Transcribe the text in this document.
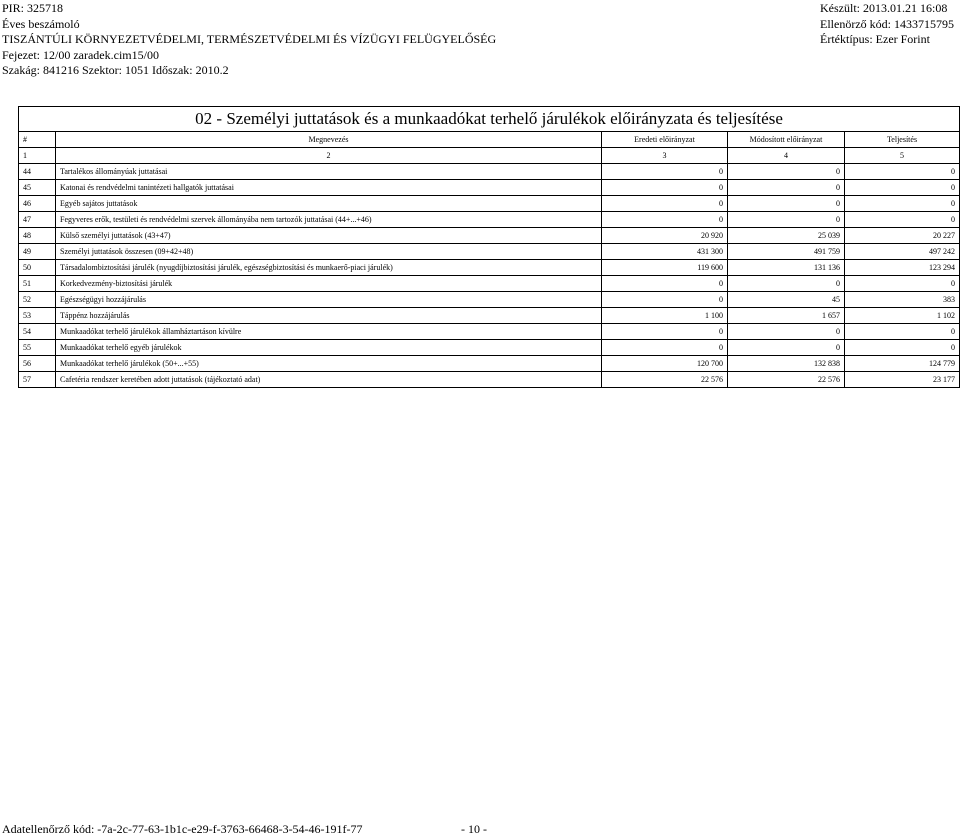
PIR: 325718
Éves beszámoló
TISZÁNTÚLI KÖRNYEZETVÉDELMI, TERMÉSZETVÉDELMI ÉS VÍZÜGYI FELÜGYELŐSÉG
Fejezet: 12/00 zaradek.cim15/00
Szakág: 841216 Szektor: 1051 Időszak: 2010.2
Készült: 2013.01.21 16:08
Ellenörző kód: 1433715795
Értéktípus: Ezer Forint
02 - Személyi juttatások és a munkaadókat terhelő járulékok előirányzata és teljesítése				
#	Megnevezés	Eredeti előirányzat	Módosított előirányzat	Teljesítés
1	2	3	4	5
44	Tartalékos állományúak juttatásai	0	0	0
45	Katonai és rendvédelmi tanintézeti hallgatók juttatásai	0	0	0
46	Egyéb sajátos juttatások	0	0	0
47	Fegyveres erők, testületi és rendvédelmi szervek állományába nem tartozók juttatásai (44+...+46)	0	0	0
48	Külső személyi juttatások (43+47)	20 920	25 039	20 227
49	Személyi juttatások összesen (09+42+48)	431 300	491 759	497 242
50	Társadalombiztosítási járulék (nyugdíjbiztosítási járulék, egészségbiztosítási és munkaerő-piaci járulék)	119 600	131 136	123 294
51	Korkedvezmény-biztosítási járulék	0	0	0
52	Egészségügyi hozzájárulás	0	45	383
53	Táppénz hozzájárulás	1 100	1 657	1 102
54	Munkaadókat terhelő járulékok államháztartáson kívülre	0	0	0
55	Munkaadókat terhelő egyéb járulékok	0	0	0
56	Munkaadókat terhelő járulékok (50+...+55)	120 700	132 838	124 779
57	Cafetéria rendszer keretében adott juttatások (tájékoztató adat)	22 576	22 576	23 177
Adatellenőrző kód: -7a-2c-77-63-1b1c-e29-f-3763-66468-3-54-46-191f-77	- 10 -
